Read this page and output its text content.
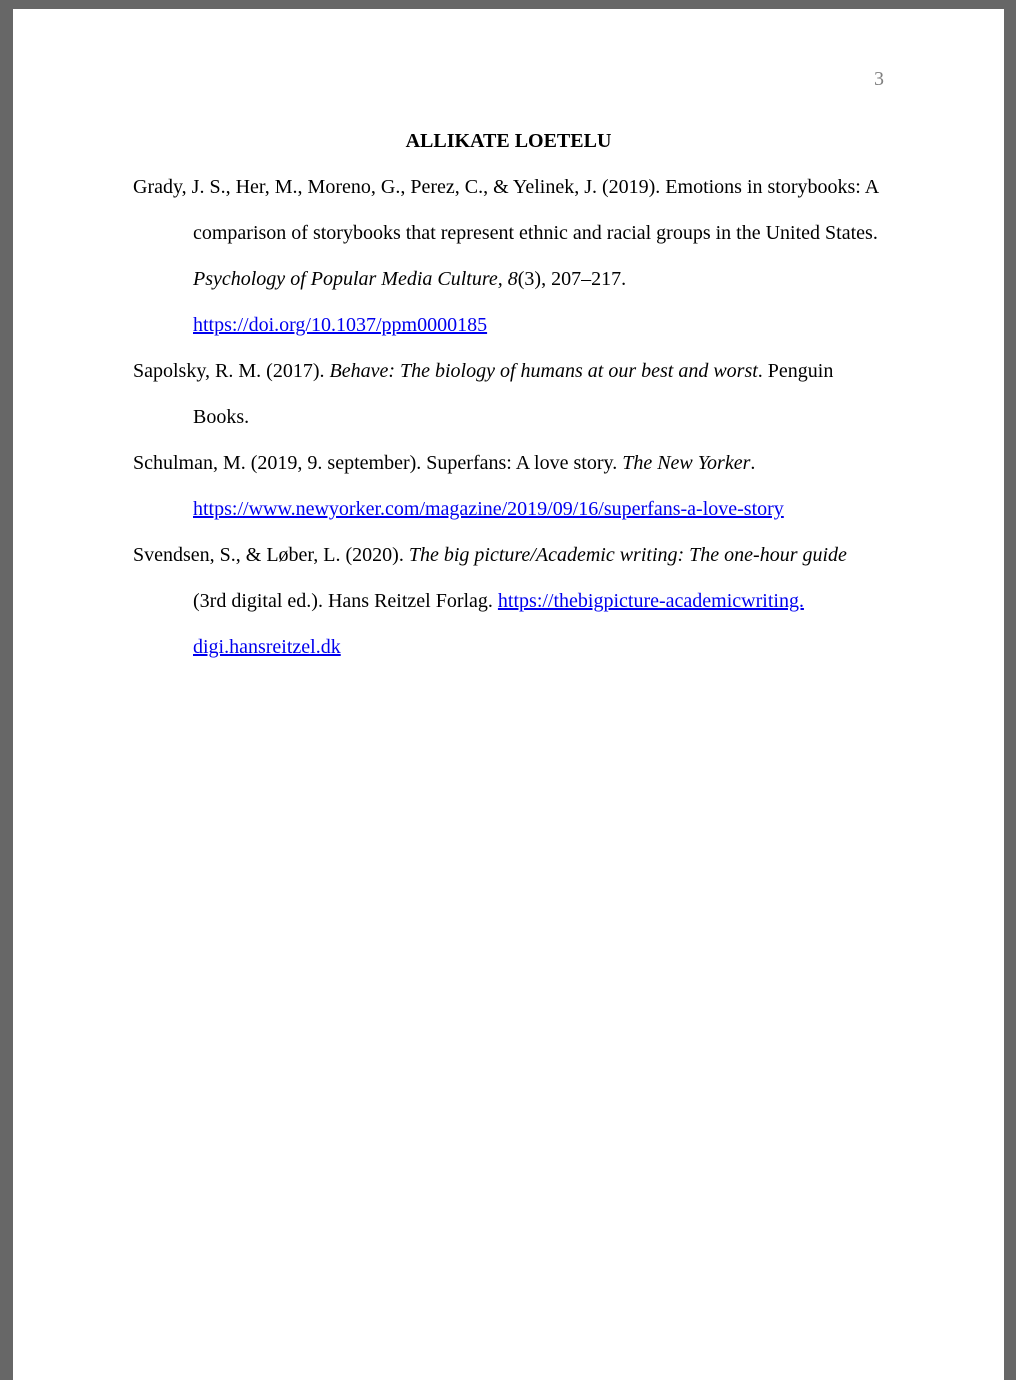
3
ALLIKATE LOETELU
Grady, J. S., Her, M., Moreno, G., Perez, C., & Yelinek, J. (2019). Emotions in storybooks: A
comparison of storybooks that represent ethnic and racial groups in the United States.
Psychology of Popular Media Culture, 8(3), 207–217.
https://doi.org/10.1037/ppm0000185
Sapolsky, R. M. (2017). Behave: The biology of humans at our best and worst. Penguin
Books.
Schulman, M. (2019, 9. september). Superfans: A love story. The New Yorker.
https://www.newyorker.com/magazine/2019/09/16/superfans-a-love-story
Svendsen, S., & Løber, L. (2020). The big picture/Academic writing: The one-hour guide
(3rd digital ed.). Hans Reitzel Forlag. https://thebigpicture-academicwriting.
digi.hansreitzel.dk
